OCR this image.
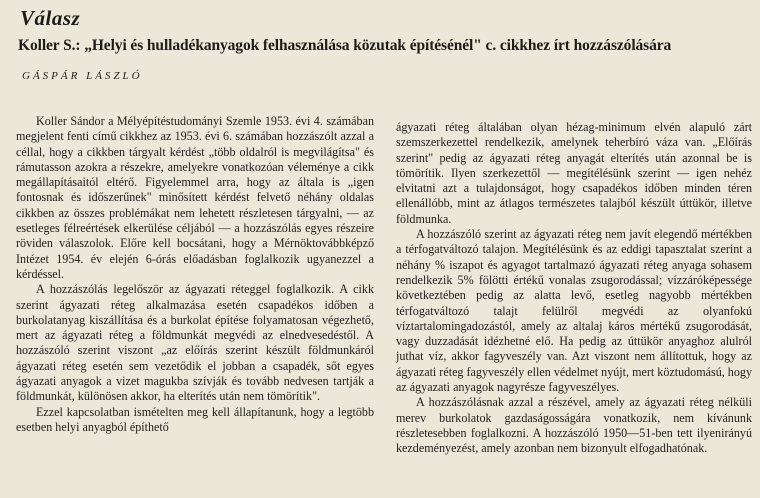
Válasz
Koller S.: „Helyi és hulladékanyagok felhasználása közutak építésénél" c. cikkhez írt hozzászólására
GÁSPÁR LÁSZLÓ

Koller Sándor a Mélyépítéstudományi Szemle 1953. évi 4. számában megjelent fenti című cikkhez az 1953. évi 6. számában hozzászólt azzal a céllal, hogy a cikkben tárgyalt kérdést „több oldalról is megvilágítsa" és rámutasson azokra a részekre, amelyekre vonatkozóan véleménye a cikk megállapításaitól eltérő. Figyelemmel arra, hogy az általa is „igen fontosnak és időszerűnek" minősített kérdést felvető néhány oldalas cikkben az összes problémákat nem lehetett részletesen tárgyalni, — az esetleges félreértések elkerülése céljából — a hozzászólás egyes részeire röviden válaszolok. Előre kell bocsátani, hogy a Mérnöktovábbképző Intézet 1954. év elején 6-órás előadásban foglalkozik ugyanezzel a kérdéssel.

A hozzászólás legelőször az ágyazati réteggel foglalkozik. A cikk szerint ágyazati réteg alkalmazása esetén csapadékos időben a burkolatanyag kiszállítása és a burkolat építése folyamatosan végezhető, mert az ágyazati réteg a földmunkát megvédi az elnedvesedéstől. A hozzászóló szerint viszont „az előírás szerint készült földmunkáról ágyazati réteg esetén sem vezetődik el jobban a csapadék, sőt egyes ágyazati anyagok a vizet magukba szívják és tovább nedvesen tartják a földmunkát, különösen akkor, ha elterítés után nem tömörítik".

Ezzel kapcsolatban ismételten meg kell állapítanunk, hogy a legtöbb esetben helyi anyagból építhető

ágyazati réteg általában olyan hézag-minimum elvén alapuló zárt szemszerkezettel rendelkezik, amelynek teherbíró váza van. „Előírás szerint" pedig az ágyazati réteg anyagát elterítés után azonnal be is tömörítik. Ilyen szerkezettől — megítélésünk szerint — igen nehéz elvitatni azt a tulajdonságot, hogy csapadékos időben minden téren ellenállóbb, mint az átlagos természetes talajból készült úttükör, illetve földmunka.

A hozzászóló szerint az ágyazati réteg nem javít elegendő mértékben a térfogatváltozó talajon. Megítélésünk és az eddigi tapasztalat szerint a néhány % iszapot és agyagot tartalmazó ágyazati réteg anyaga sohasem rendelkezik 5% fölötti értékű vonalas zsugorodással; vízzáróképessége következtében pedig az alatta levő, esetleg nagyobb mértékben térfogatváltozó talajt felülről megvédi az olyanfokú víztartalomingadozástól, amely az altalaj káros mértékű zsugorodását, vagy duzzadását idézhetné elő. Ha pedig az úttükör anyaghoz alulról juthat víz, akkor fagyveszély van. Azt viszont nem állítottuk, hogy az ágyazati réteg fagyveszély ellen védelmet nyújt, mert köztudomású, hogy az ágyazati anyagok nagyrésze fagyveszélyes.

A hozzászólásnak azzal a részével, amely az ágyazati réteg nélküli merev burkolatok gazdaságosságára vonatkozik, nem kívánunk részletesebben foglalkozni. A hozzászóló 1950—51-ben tett ilyenirányú kezdeményezést, amely azonban nem bizonyult elfogadhatónak.
